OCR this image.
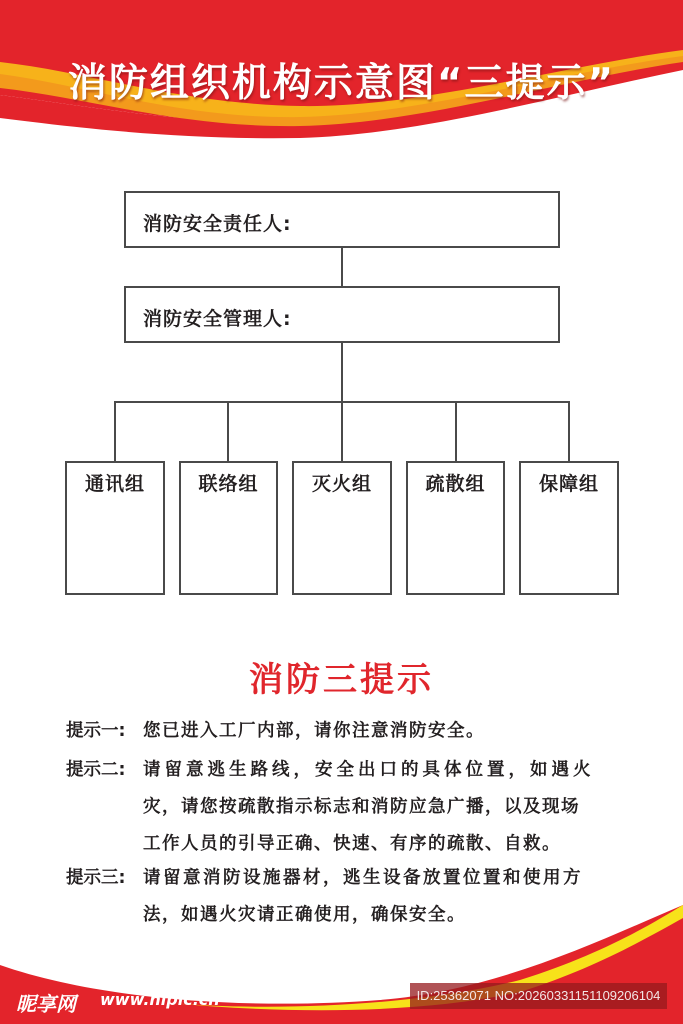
消防组织机构示意图“三提示”
消防安全责任人:
消防安全管理人:
通讯组	联络组	灭火组	疏散组	保障组
消防三提示
提示一: 您已进入工厂内部，请你注意消防安全。
提示二: 请留意逃生路线，安全出口的具体位置，如遇火
灾，请您按疏散指示标志和消防应急广播，以及现场
工作人员的引导正确、快速、有序的疏散、自救。
提示三: 请留意消防设施器材，逃生设备放置位置和使用方
法，如遇火灾请正确使用，确保安全。
昵享网 www.nipic.cn	ID:25362071 NO:20260331151109206104
